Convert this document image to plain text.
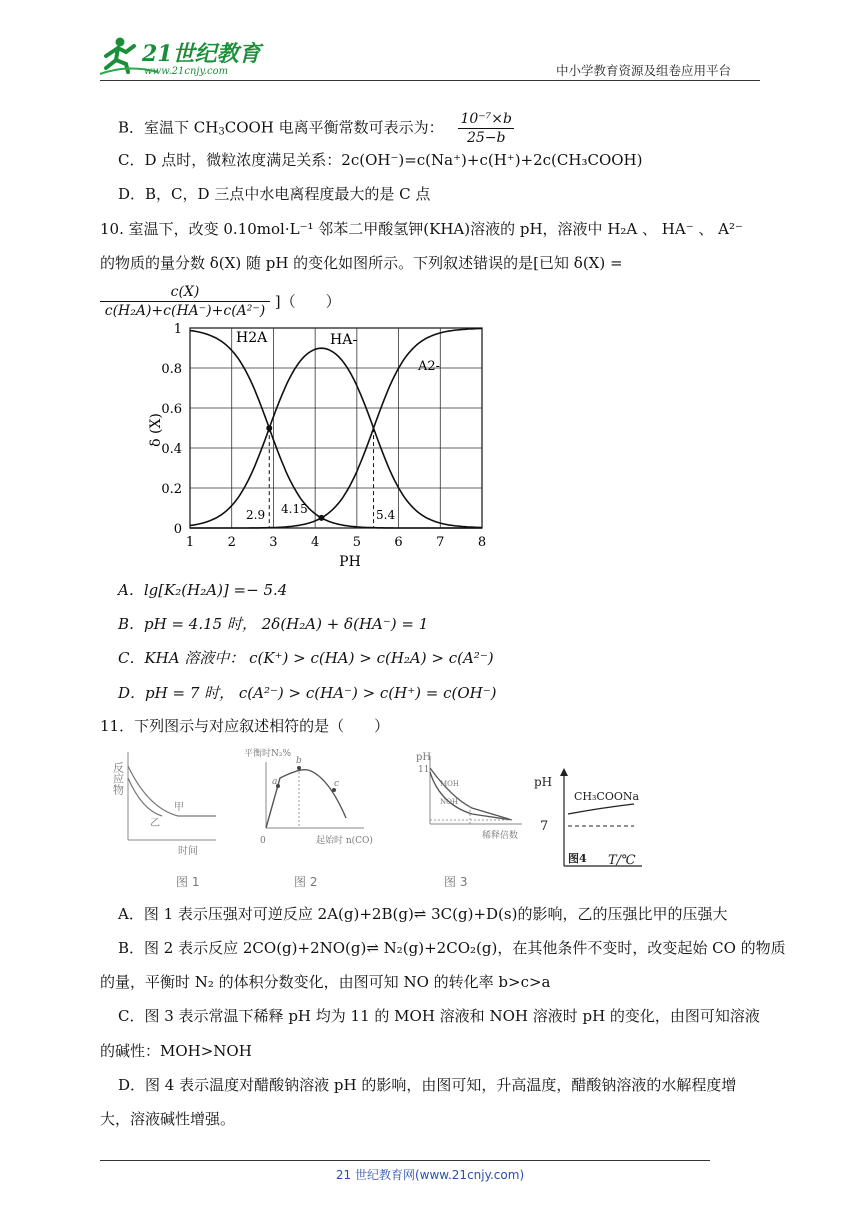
21世纪教育
www.21cnjy.com	中小学教育资源及组卷应用平台
B．室温下 $CH_3COOH$ 电离平衡常数可表示为： $\frac{\text{10⁻⁷×b}}{25-b}$
C．D 点时，微粒浓度满足关系：2c(OH⁻)=c(Na⁺)+c(H⁺)+2c(CH₃COOH)
D．B，C，D 三点中水电离程度最大的是 C 点
10. 室温下，改变 0.10mol·L⁻¹ 邻苯二甲酸氢钾(KHA)溶液的 pH，溶液中 H₂A 、 HA⁻ 、 A²⁻
的物质的量分数 δ(X) 随 pH 的变化如图所示。下列叙述错误的是[已知 δ(X) =
$\frac{c(X)}{\text{c(H₂A)+c(HA⁻)+c(A²⁻)}}$ ]（　　）
1	2	3	4	5	6	7	8
0
0.2
0.4
0.6
0.8
1
PH
δ (X)
H2A	HA-
A2-
2.9 4.15	5.4
A．lg[K₂(H₂A)] =− 5.4
B．pH = 4.15 时， 2δ(H₂A) + δ(HA⁻) = 1
C．KHA 溶液中： c(K⁺) > c(HA) > c(H₂A) > c(A²⁻)
D．pH = 7 时， c(A²⁻) > c(HA⁻) > c(H⁺) = c(OH⁻)
11．下列图示与对应叙述相符的是（　　）
反应物
甲
乙
时间
图 1
平衡时N₂%
a
b
c
0	起始时 n(CO)
图 2
pH
11
MOH
NOH
稀释倍数
图 3
pH
CH₃COONa
7
图4 T/℃
A．图 1 表示压强对可逆反应 2A(g)+2B(g)⇌ 3C(g)+D(s)的影响，乙的压强比甲的压强大
B．图 2 表示反应 2CO(g)+2NO(g)⇌ N₂(g)+2CO₂(g)，在其他条件不变时，改变起始 CO 的物质
的量，平衡时 N₂ 的体积分数变化，由图可知 NO 的转化率 b>c>a
C．图 3 表示常温下稀释 pH 均为 11 的 MOH 溶液和 NOH 溶液时 pH 的变化，由图可知溶液
的碱性：MOH>NOH
D．图 4 表示温度对醋酸钠溶液 pH 的影响，由图可知，升高温度，醋酸钠溶液的水解程度增
大，溶液碱性增强。
21 世纪教育网(www.21cnjy.com)
